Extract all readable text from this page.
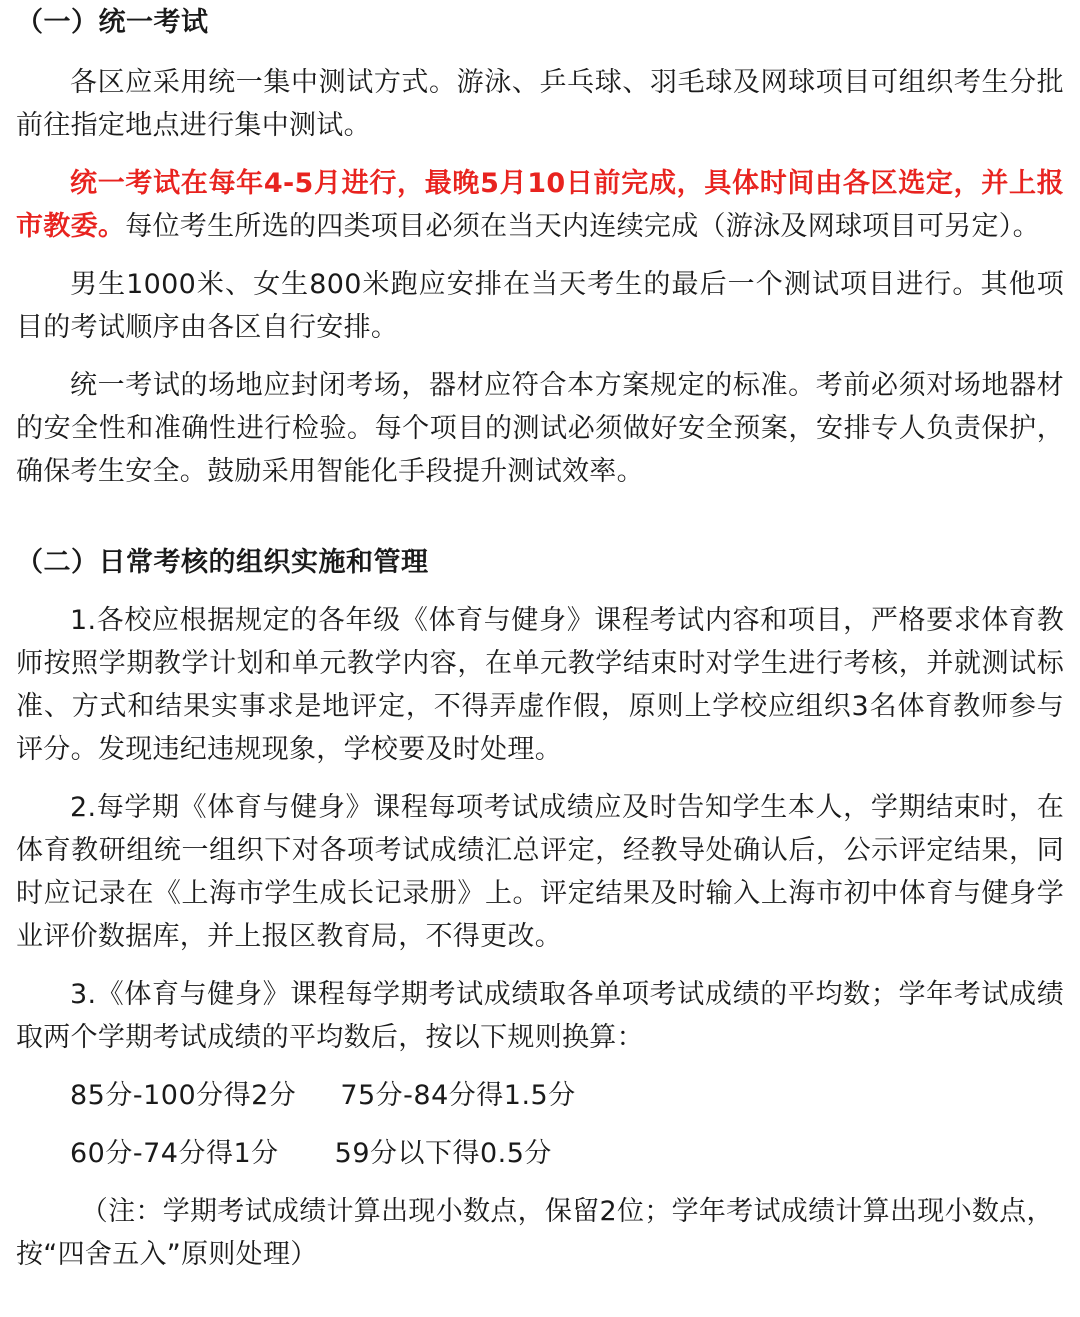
（一）统一考试

各区应采用统一集中测试方式。游泳、乒乓球、羽毛球及网球项目可组织考生分批前往指定地点进行集中测试。

统一考试在每年4-5月进行，最晚5月10日前完成，具体时间由各区选定，并上报市教委。每位考生所选的四类项目必须在当天内连续完成（游泳及网球项目可另定）。

男生1000米、女生800米跑应安排在当天考生的最后一个测试项目进行。其他项目的考试顺序由各区自行安排。

统一考试的场地应封闭考场，器材应符合本方案规定的标准。考前必须对场地器材的安全性和准确性进行检验。每个项目的测试必须做好安全预案，安排专人负责保护，确保考生安全。鼓励采用智能化手段提升测试效率。

（二）日常考核的组织实施和管理

1.各校应根据规定的各年级《体育与健身》课程考试内容和项目，严格要求体育教师按照学期教学计划和单元教学内容，在单元教学结束时对学生进行考核，并就测试标准、方式和结果实事求是地评定，不得弄虚作假，原则上学校应组织3名体育教师参与评分。发现违纪违规现象，学校要及时处理。

2.每学期《体育与健身》课程每项考试成绩应及时告知学生本人，学期结束时，在体育教研组统一组织下对各项考试成绩汇总评定，经教导处确认后，公示评定结果，同时应记录在《上海市学生成长记录册》上。评定结果及时输入上海市初中体育与健身学业评价数据库，并上报区教育局，不得更改。

3.《体育与健身》课程每学期考试成绩取各单项考试成绩的平均数；学年考试成绩取两个学期考试成绩的平均数后，按以下规则换算：

85分-100分得2分 75分-84分得1.5分

60分-74分得1分 59分以下得0.5分

（注：学期考试成绩计算出现小数点，保留2位；学年考试成绩计算出现小数点，按“四舍五入”原则处理）
